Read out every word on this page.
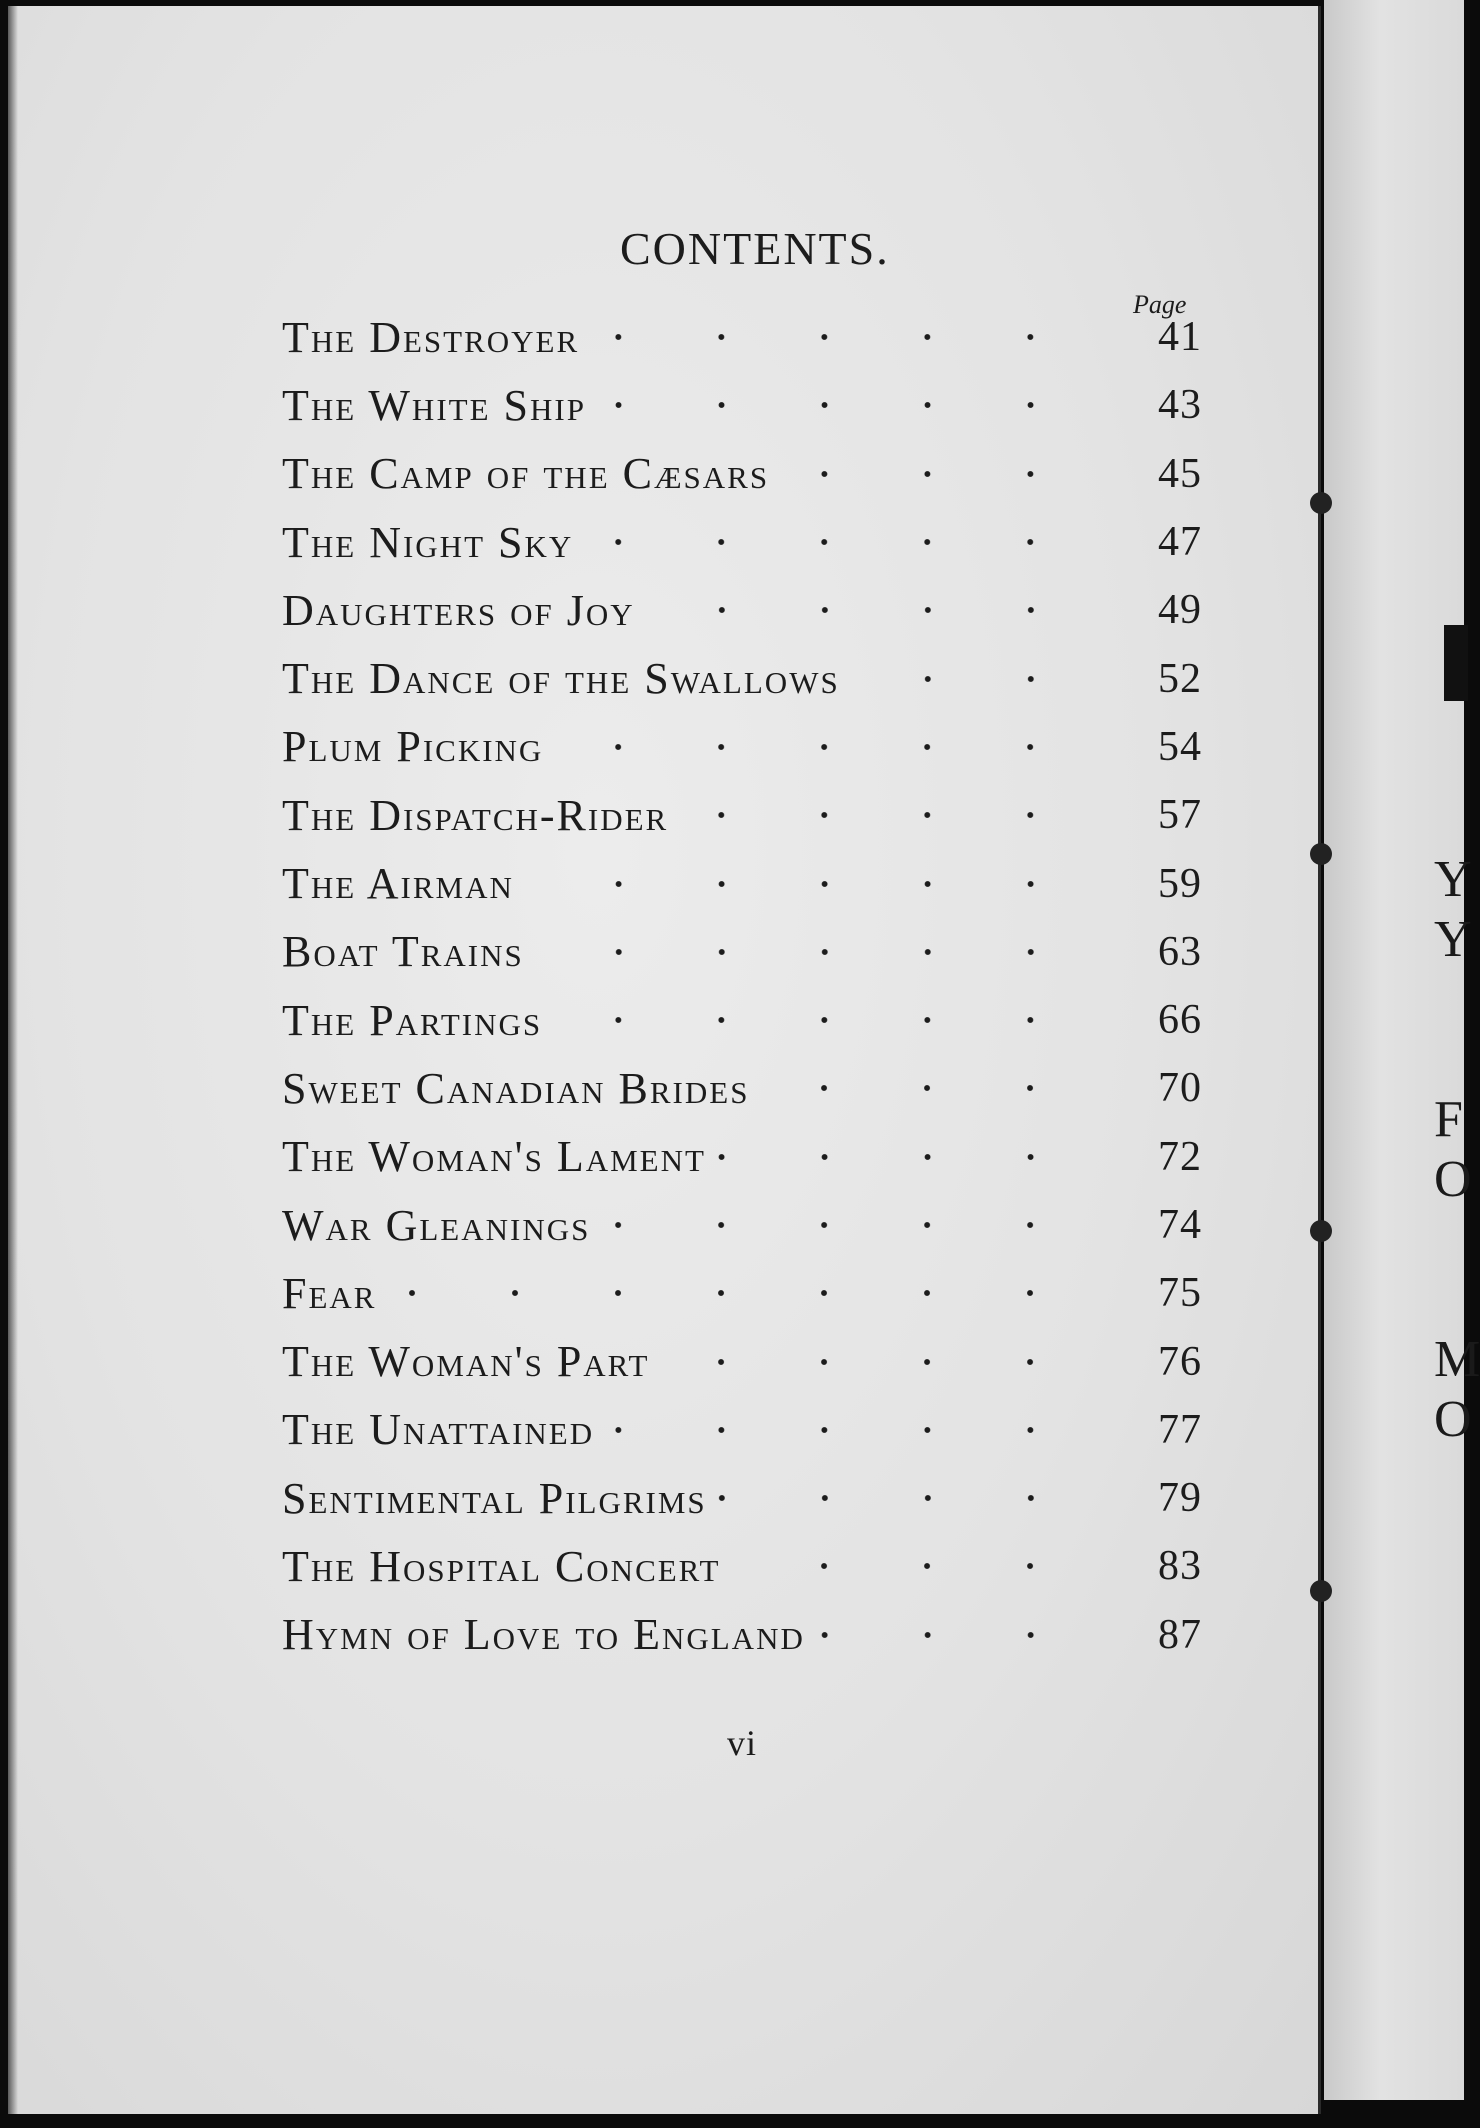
Y
Y
F
O
M
O
CONTENTS.
Page
The Destroyer	41
The White Ship	43
The Camp of the Cæsars	45
The Night Sky	47
Daughters of Joy	49
The Dance of the Swallows	52
Plum Picking	54
The Dispatch-Rider	57
The Airman	59
Boat Trains	63
The Partings	66
Sweet Canadian Brides	70
The Woman's Lament	72
War Gleanings	74
Fear	75
The Woman's Part	76
The Unattained	77
Sentimental Pilgrims	79
The Hospital Concert	83
Hymn of Love to England	87
vi
